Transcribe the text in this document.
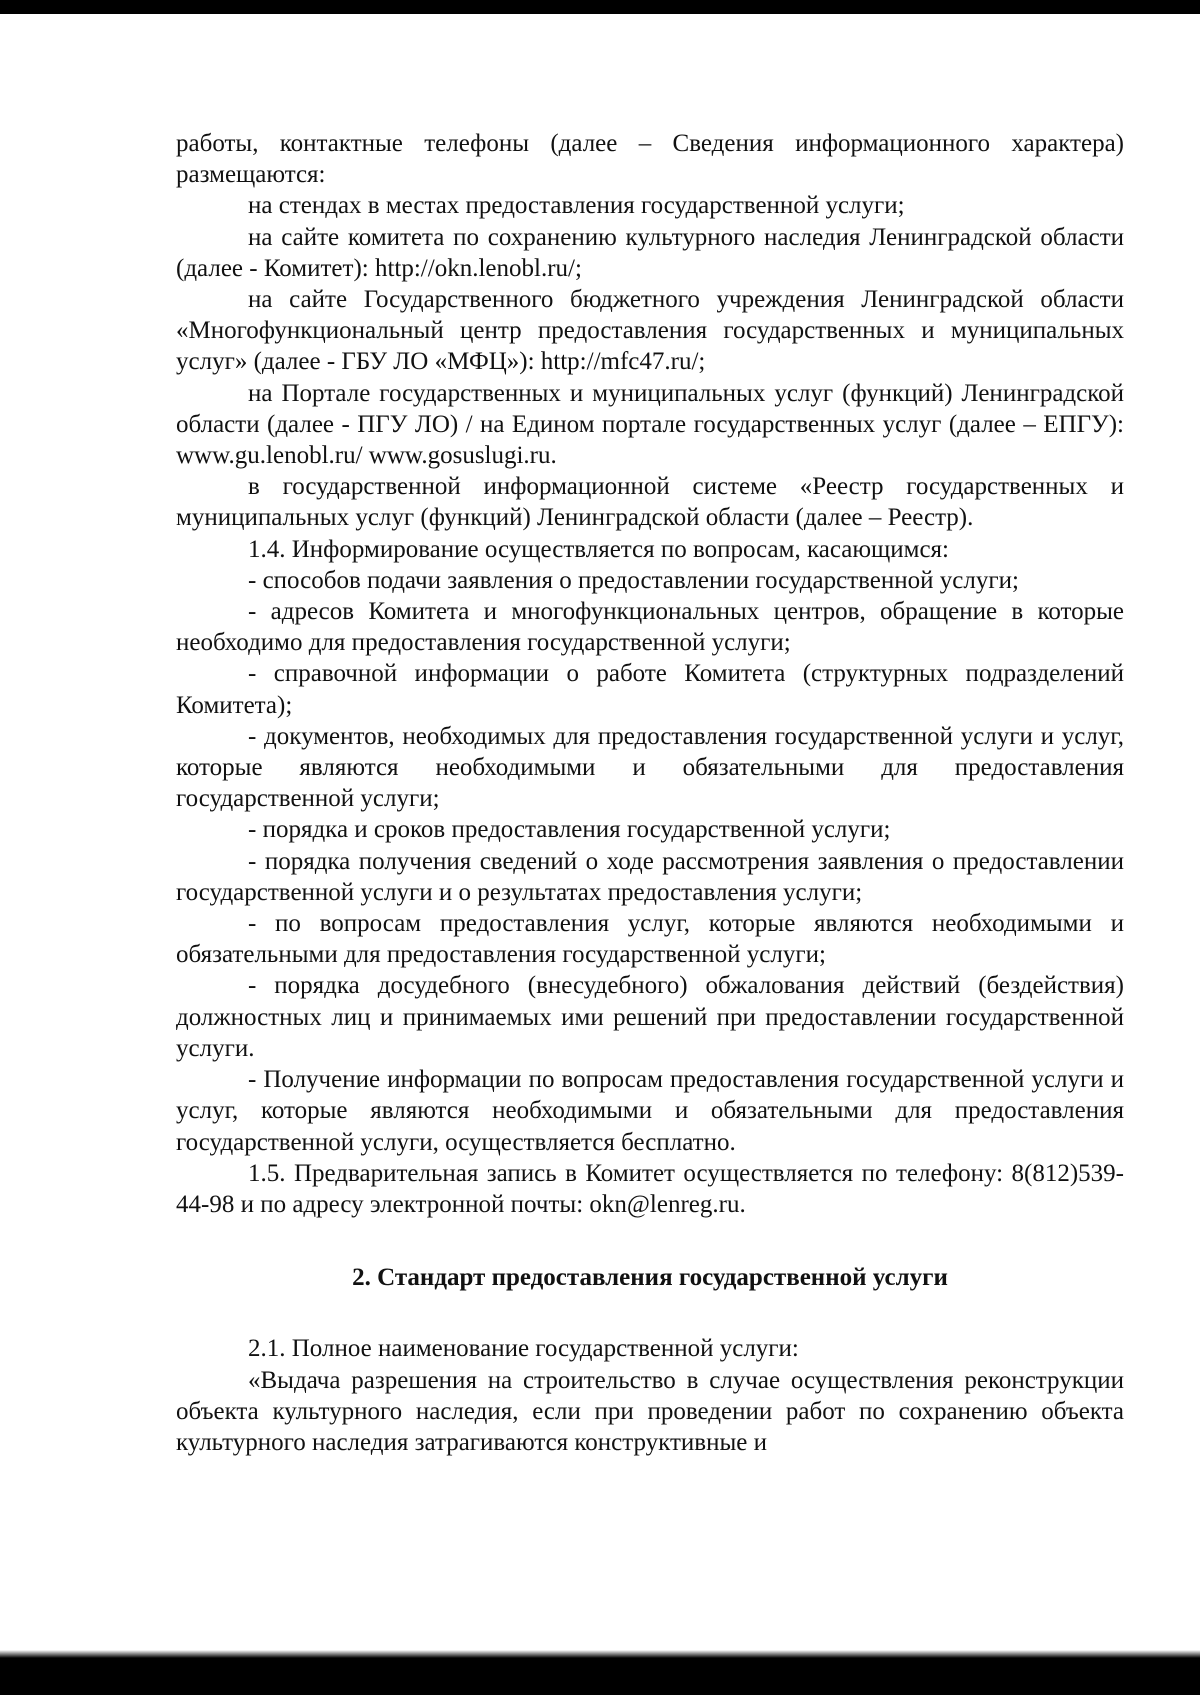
работы, контактные телефоны (далее – Сведения информационного характера) размещаются:

на стендах в местах предоставления государственной услуги;

на сайте комитета по сохранению культурного наследия Ленинградской области (далее - Комитет): http://okn.lenobl.ru/;

на сайте Государственного бюджетного учреждения Ленинградской области «Многофункциональный центр предоставления государственных и муниципальных услуг» (далее - ГБУ ЛО «МФЦ»): http://mfc47.ru/;

на Портале государственных и муниципальных услуг (функций) Ленинградской области (далее - ПГУ ЛО) / на Едином портале государственных услуг (далее – ЕПГУ): www.gu.lenobl.ru/ www.gosuslugi.ru.

в государственной информационной системе «Реестр государственных и муниципальных услуг (функций) Ленинградской области (далее – Реестр).

1.4. Информирование осуществляется по вопросам, касающимся:

- способов подачи заявления о предоставлении государственной услуги;

- адресов Комитета и многофункциональных центров, обращение в которые необходимо для предоставления государственной услуги;

- справочной информации о работе Комитета (структурных подразделений Комитета);

- документов, необходимых для предоставления государственной услуги и услуг, которые являются необходимыми и обязательными для предоставления государственной услуги;

- порядка и сроков предоставления государственной услуги;

- порядка получения сведений о ходе рассмотрения заявления о предоставлении государственной услуги и о результатах предоставления услуги;

- по вопросам предоставления услуг, которые являются необходимыми и обязательными для предоставления государственной услуги;

- порядка досудебного (внесудебного) обжалования действий (бездействия) должностных лиц и принимаемых ими решений при предоставлении государственной услуги.

- Получение информации по вопросам предоставления государственной услуги и услуг, которые являются необходимыми и обязательными для предоставления государственной услуги, осуществляется бесплатно.

1.5. Предварительная запись в Комитет осуществляется по телефону: 8(812)539-44-98 и по адресу электронной почты: okn@lenreg.ru.

2. Стандарт предоставления государственной услуги

2.1. Полное наименование государственной услуги:

«Выдача разрешения на строительство в случае осуществления реконструкции объекта культурного наследия, если при проведении работ по сохранению объекта культурного наследия затрагиваются конструктивные и
